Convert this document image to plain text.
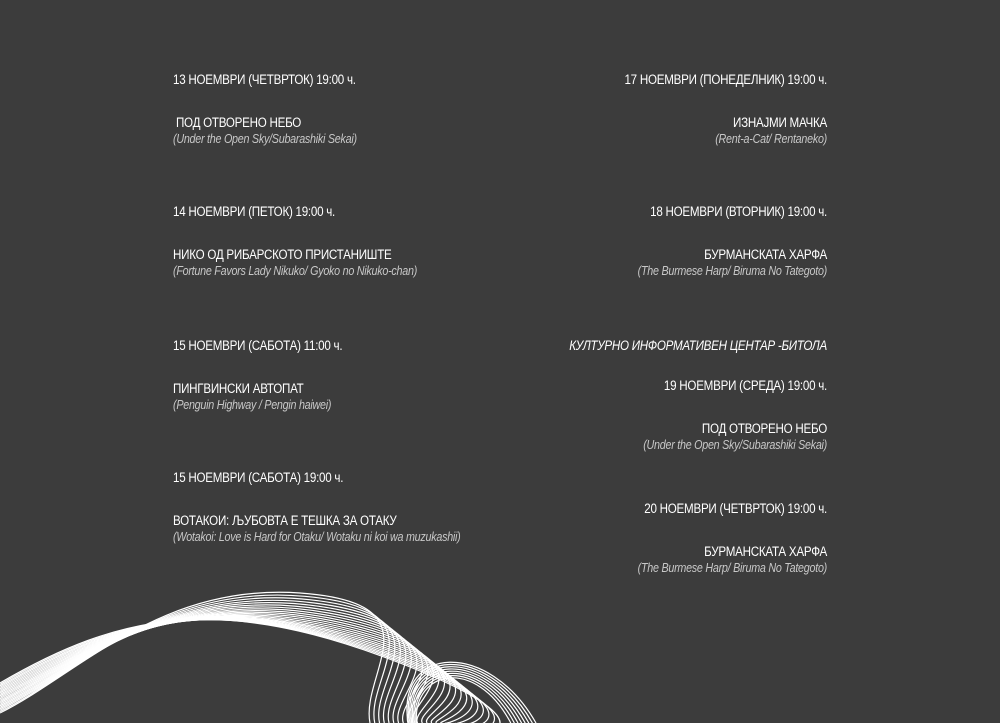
13 НОЕМВРИ (ЧЕТВРТОК) 19:00 ч.
ПОД ОТВОРЕНО НЕБО
(Under the Open Sky/Subarashiki Sekai)
14 НОЕМВРИ (ПЕТОК) 19:00 ч.
НИКО ОД РИБАРСКОТО ПРИСТАНИШТЕ
(Fortune Favors Lady Nikuko/ Gyoko no Nikuko-chan)
15 НОЕМВРИ (САБОТА) 11:00 ч.
ПИНГВИНСКИ АВТОПАТ
(Penguin Highway / Pengin haiwei)
15 НОЕМВРИ (САБОТА) 19:00 ч.
ВОТАКОИ: ЉУБОВТА Е ТЕШКА ЗА ОТАКУ
(Wotakoi: Love is Hard for Otaku/ Wotaku ni koi wa muzukashii)
17 НОЕМВРИ (ПОНЕДЕЛНИК) 19:00 ч.
ИЗНАЈМИ МАЧКА
(Rent-a-Cat/ Rentaneko)
18 НОЕМВРИ (ВТОРНИК) 19:00 ч.
БУРМАНСКАТА ХАРФА
(The Burmese Harp/ Biruma No Tategoto)
КУЛТУРНО ИНФОРМАТИВЕН ЦЕНТАР -БИТОЛА
19 НОЕМВРИ (СРЕДА) 19:00 ч.
ПОД ОТВОРЕНО НЕБО
(Under the Open Sky/Subarashiki Sekai)
20 НОЕМВРИ (ЧЕТВРТОК) 19:00 ч.
БУРМАНСКАТА ХАРФА
(The Burmese Harp/ Biruma No Tategoto)
